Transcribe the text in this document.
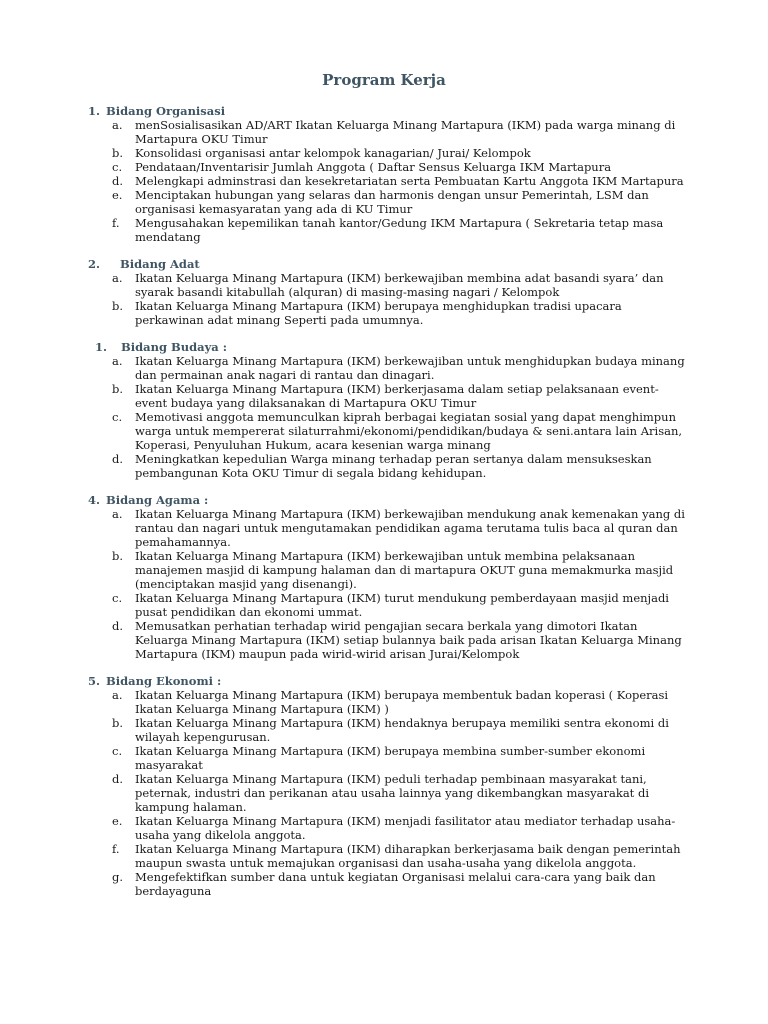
Program Kerja
1. Bidang Organisasi
a.	menSosialisasikan AD/ART Ikatan Keluarga Minang Martapura (IKM) pada warga minang di Martapura OKU Timur
b.	Konsolidasi organisasi antar kelompok kanagarian/ Jurai/ Kelompok
c.	Pendataan/Inventarisir Jumlah Anggota ( Daftar Sensus Keluarga IKM Martapura
d.	Melengkapi adminstrasi dan kesekretariatan serta Pembuatan Kartu Anggota IKM Martapura
e.	Menciptakan hubungan yang selaras dan harmonis dengan unsur Pemerintah, LSM dan organisasi kemasyaratan yang ada di KU Timur
f.	Mengusahakan kepemilikan tanah kantor/Gedung IKM Martapura ( Sekretaria tetap masa mendatang
2. Bidang Adat
a.	Ikatan Keluarga Minang Martapura (IKM) berkewajiban membina adat basandi syara’ dan syarak basandi kitabullah (alquran) di masing-masing nagari / Kelompok
b.	Ikatan Keluarga Minang Martapura (IKM) berupaya menghidupkan tradisi upacara perkawinan adat minang Seperti pada umumnya.
1. Bidang Budaya :
a.	Ikatan Keluarga Minang Martapura (IKM) berkewajiban untuk menghidupkan budaya minang dan permainan anak nagari di rantau dan dinagari.
b.	Ikatan Keluarga Minang Martapura (IKM) berkerjasama dalam setiap pelaksanaan event-event budaya yang dilaksanakan di Martapura OKU Timur
c.	Memotivasi anggota memunculkan kiprah berbagai kegiatan sosial yang dapat menghimpun warga untuk mempererat silaturrahmi/ekonomi/pendidikan/budaya & seni.antara lain Arisan, Koperasi, Penyuluhan Hukum, acara kesenian warga minang
d.	Meningkatkan kepedulian Warga minang terhadap peran sertanya dalam mensukseskan pembangunan Kota OKU Timur di segala bidang kehidupan.
4. Bidang Agama :
a.	Ikatan Keluarga Minang Martapura (IKM) berkewajiban mendukung anak kemenakan yang di rantau dan nagari untuk mengutamakan pendidikan agama terutama tulis baca al quran dan pemahamannya.
b.	Ikatan Keluarga Minang Martapura (IKM) berkewajiban untuk membina pelaksanaan manajemen masjid di kampung halaman dan di martapura OKUT guna memakmurka masjid (menciptakan masjid yang disenangi).
c.	Ikatan Keluarga Minang Martapura (IKM) turut mendukung pemberdayaan masjid menjadi pusat pendidikan dan ekonomi ummat.
d.	Memusatkan perhatian terhadap wirid pengajian secara berkala yang dimotori Ikatan Keluarga Minang Martapura (IKM) setiap bulannya baik pada arisan Ikatan Keluarga Minang Martapura (IKM) maupun pada wirid-wirid arisan Jurai/Kelompok
5. Bidang Ekonomi :
a.	Ikatan Keluarga Minang Martapura (IKM) berupaya membentuk badan koperasi ( Koperasi Ikatan Keluarga Minang Martapura (IKM) )
b.	Ikatan Keluarga Minang Martapura (IKM) hendaknya berupaya memiliki sentra ekonomi di wilayah kepengurusan.
c.	Ikatan Keluarga Minang Martapura (IKM) berupaya membina sumber-sumber ekonomi masyarakat
d.	Ikatan Keluarga Minang Martapura (IKM) peduli terhadap pembinaan masyarakat tani, peternak, industri dan perikanan atau usaha lainnya yang dikembangkan masyarakat di kampung halaman.
e.	Ikatan Keluarga Minang Martapura (IKM) menjadi fasilitator atau mediator terhadap usaha-usaha yang dikelola anggota.
f.	Ikatan Keluarga Minang Martapura (IKM) diharapkan berkerjasama baik dengan pemerintah maupun swasta untuk memajukan organisasi dan usaha-usaha yang dikelola anggota.
g.	Mengefektifkan sumber dana untuk kegiatan Organisasi melalui cara-cara yang baik dan berdayaguna
